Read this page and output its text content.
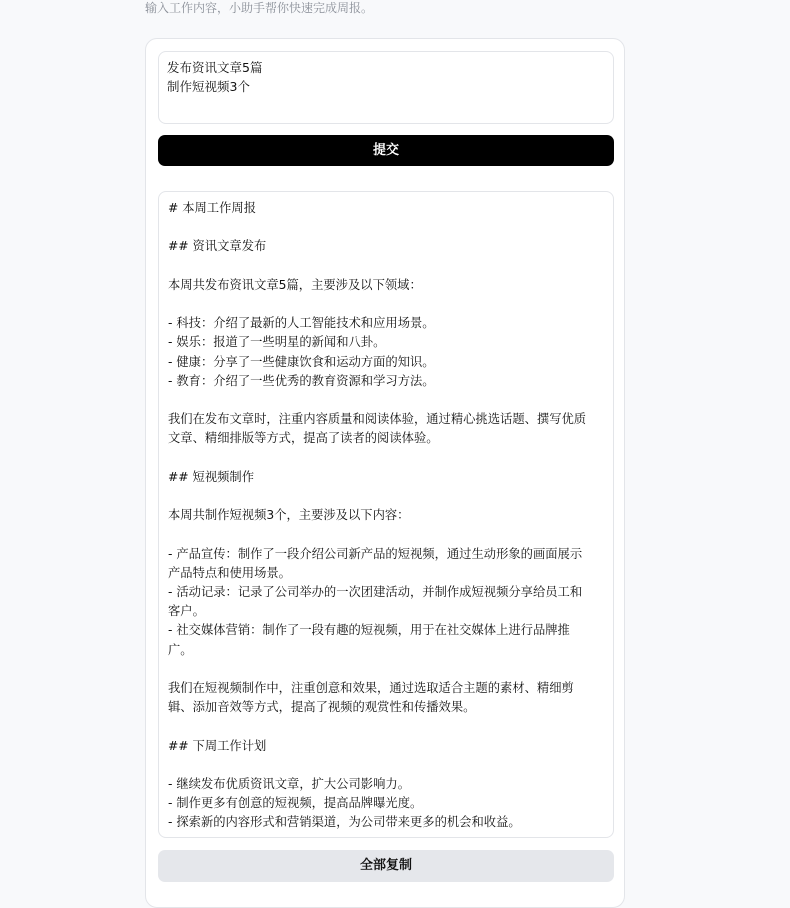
输入工作内容，小助手帮你快速完成周报。
发布资讯文章5篇
制作短视频3个
提交
# 本周工作周报
## 资讯文章发布
本周共发布资讯文章5篇，主要涉及以下领域：
- 科技：介绍了最新的人工智能技术和应用场景。
- 娱乐：报道了一些明星的新闻和八卦。
- 健康：分享了一些健康饮食和运动方面的知识。
- 教育：介绍了一些优秀的教育资源和学习方法。
我们在发布文章时，注重内容质量和阅读体验，通过精心挑选话题、撰写优质
文章、精细排版等方式，提高了读者的阅读体验。
## 短视频制作
本周共制作短视频3个，主要涉及以下内容：
- 产品宣传：制作了一段介绍公司新产品的短视频，通过生动形象的画面展示
产品特点和使用场景。
- 活动记录：记录了公司举办的一次团建活动，并制作成短视频分享给员工和
客户。
- 社交媒体营销：制作了一段有趣的短视频，用于在社交媒体上进行品牌推
广。
我们在短视频制作中，注重创意和效果，通过选取适合主题的素材、精细剪
辑、添加音效等方式，提高了视频的观赏性和传播效果。
## 下周工作计划
- 继续发布优质资讯文章，扩大公司影响力。
- 制作更多有创意的短视频，提高品牌曝光度。
- 探索新的内容形式和营销渠道，为公司带来更多的机会和收益。
全部复制
